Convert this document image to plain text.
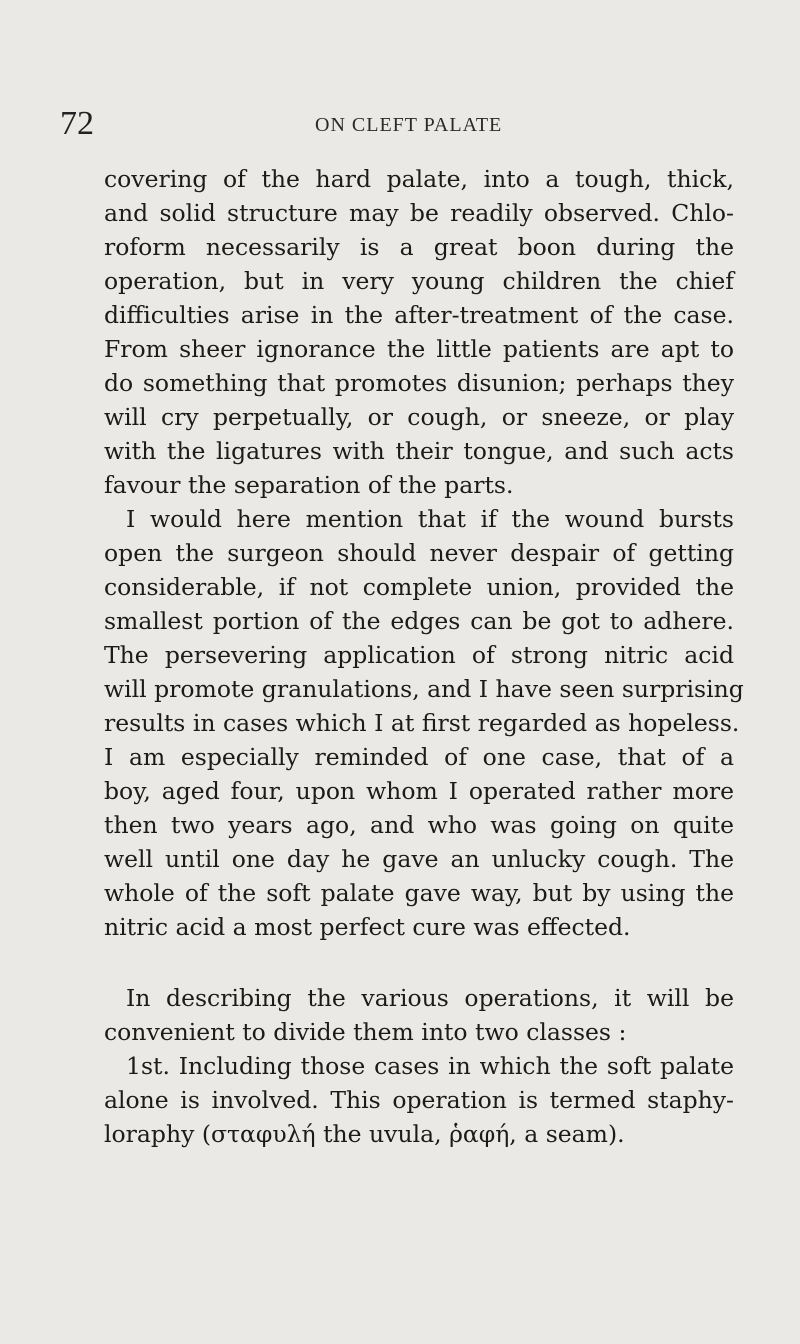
72	ON CLEFT PALATE
covering of the hard palate, into a tough, thick,
and solid structure may be readily observed. Chlo-
roform necessarily is a great boon during the
operation, but in very young children the chief
difficulties arise in the after-treatment of the case.
From sheer ignorance the little patients are apt to
do something that promotes disunion; perhaps they
will cry perpetually, or cough, or sneeze, or play
with the ligatures with their tongue, and such acts
favour the separation of the parts.
I would here mention that if the wound bursts
open the surgeon should never despair of getting
considerable, if not complete union, provided the
smallest portion of the edges can be got to adhere.
The persevering application of strong nitric acid
will promote granulations, and I have seen surprising
results in cases which I at first regarded as hopeless.
I am especially reminded of one case, that of a
boy, aged four, upon whom I operated rather more
then two years ago, and who was going on quite
well until one day he gave an unlucky cough. The
whole of the soft palate gave way, but by using the
nitric acid a most perfect cure was effected.
In describing the various operations, it will be
convenient to divide them into two classes :
1st. Including those cases in which the soft palate
alone is involved. This operation is termed staphy-
loraphy (σταφυλή the uvula, ῥαφή, a seam).
